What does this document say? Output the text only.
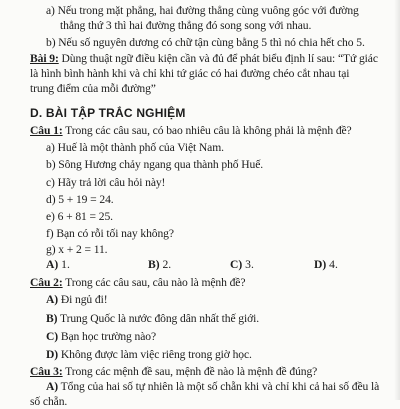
a) Nếu trong mặt phẳng, hai đường thẳng cùng vuông góc với đường
thẳng thứ 3 thì hai đường thẳng đó song song với nhau.
b) Nếu số nguyên dương có chữ tận cùng bằng 5 thì nó chia hết cho 5.
Bài 9: Dùng thuật ngữ điều kiện cần và đủ để phát biểu định lí sau: “Tứ giác
là hình bình hành khi và chỉ khi tứ giác có hai đường chéo cắt nhau tại
trung điểm của mỗi đường”
D. BÀI TẬP TRẮC NGHIỆM
Câu 1: Trong các câu sau, có bao nhiêu câu là không phải là mệnh đề?
a) Huế là một thành phố của Việt Nam.
b) Sông Hương chảy ngang qua thành phố Huế.
c) Hãy trả lời câu hỏi này!
d) 5 + 19 = 24.
e) 6 + 81 = 25.
f) Bạn có rỗi tối nay không?
g) x + 2 = 11.
A) 1.	B) 2.	C) 3.	D) 4.
Câu 2: Trong các câu sau, câu nào là mệnh đề?
A) Đi ngủ đi!
B) Trung Quốc là nước đông dân nhất thế giới.
C) Bạn học trường nào?
D) Không được làm việc riêng trong giờ học.
Câu 3: Trong các mệnh đề sau, mệnh đề nào là mệnh đề đúng?
A) Tổng của hai số tự nhiên là một số chẵn khi và chỉ khi cả hai số đều là
số chẵn.
